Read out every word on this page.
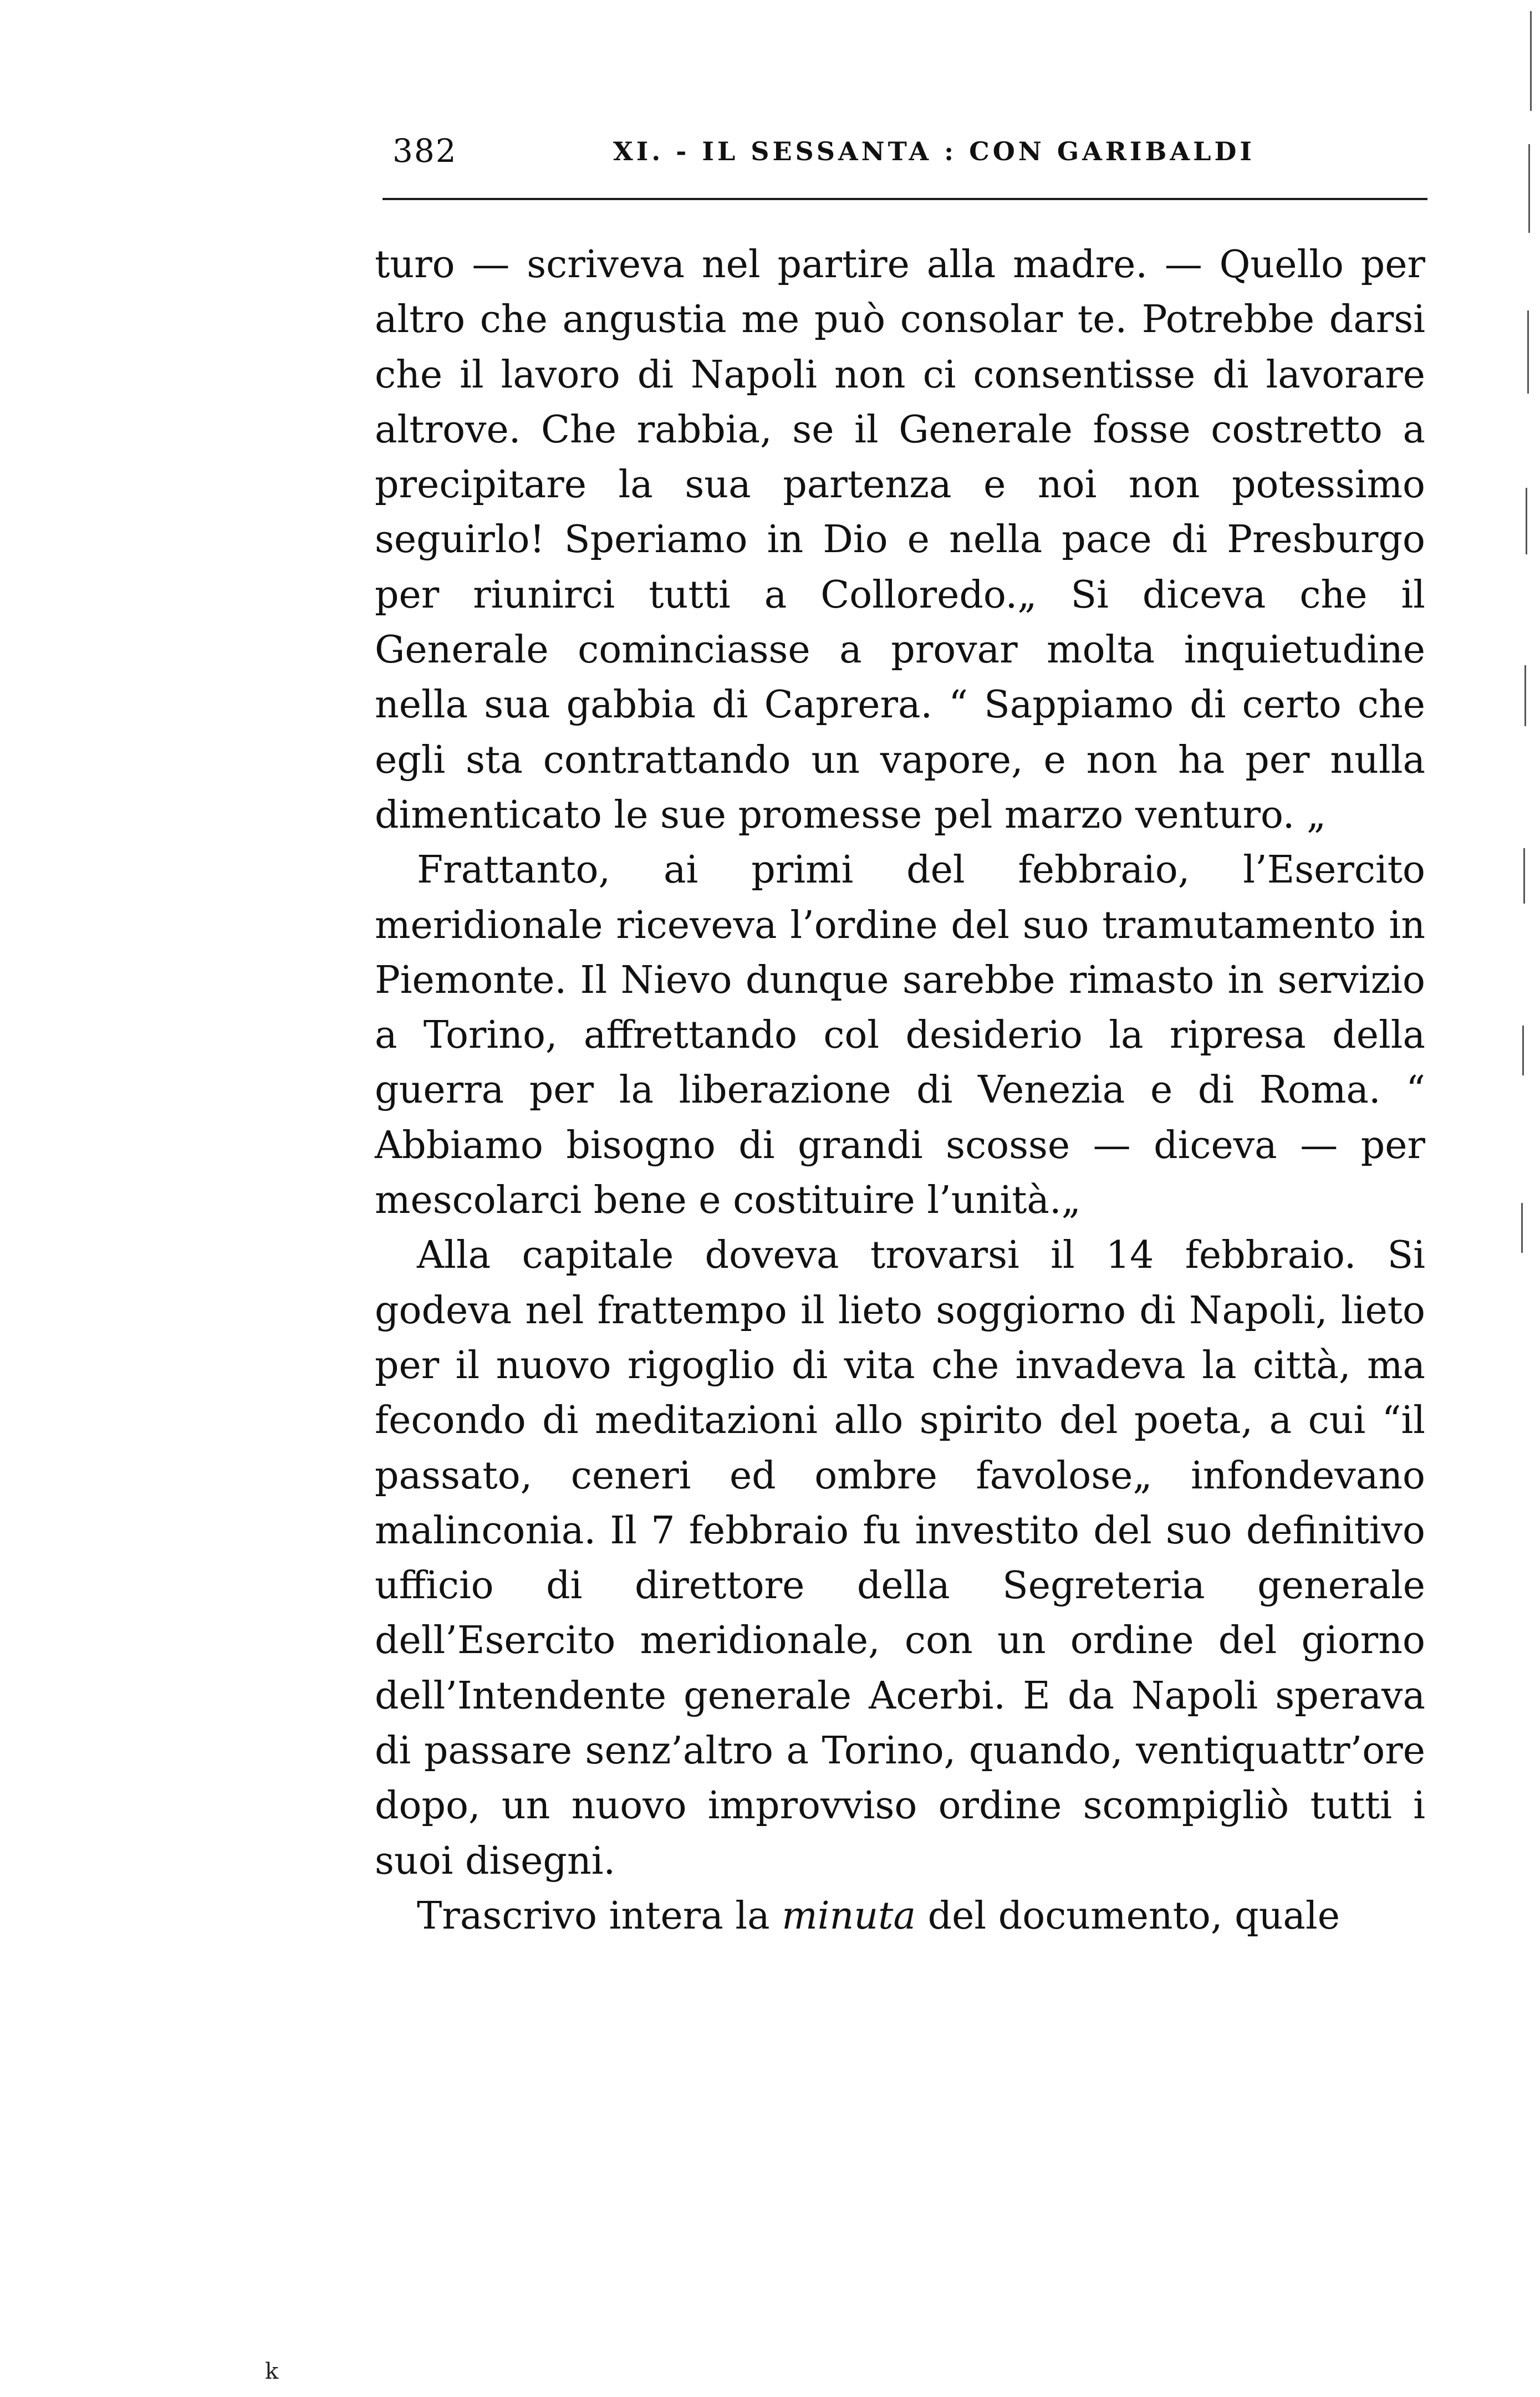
382	XI. - IL SESSANTA : CON GARIBALDI

turo — scriveva nel partire alla madre. — Quello per altro che angustia me può consolar te. Potrebbe darsi che il lavoro di Napoli non ci consentisse di lavorare altrove. Che rabbia, se il Generale fosse costretto a precipitare la sua partenza e noi non potessimo seguirlo! Speriamo in Dio e nella pace di Presburgo per riunirci tutti a Colloredo.„ Si diceva che il Generale cominciasse a provar molta inquietudine nella sua gabbia di Caprera. “ Sappiamo di certo che egli sta contrattando un vapore, e non ha per nulla dimenticato le sue promesse pel marzo venturo. „

Frattanto, ai primi del febbraio, l’Esercito meridionale riceveva l’ordine del suo tramutamento in Piemonte. Il Nievo dunque sarebbe rimasto in servizio a Torino, affrettando col desiderio la ripresa della guerra per la liberazione di Venezia e di Roma. “ Abbiamo bisogno di grandi scosse — diceva — per mescolarci bene e costituire l’unità.„

Alla capitale doveva trovarsi il 14 febbraio. Si godeva nel frattempo il lieto soggiorno di Napoli, lieto per il nuovo rigoglio di vita che invadeva la città, ma fecondo di meditazioni allo spirito del poeta, a cui “il passato, ceneri ed ombre favolose„ infondevano malinconia. Il 7 febbraio fu investito del suo definitivo ufficio di direttore della Segreteria generale dell’Esercito meridionale, con un ordine del giorno dell’Intendente generale Acerbi. E da Napoli sperava di passare senz’altro a Torino, quando, ventiquattr’ore dopo, un nuovo improvviso ordine scompigliò tutti i suoi disegni.

Trascrivo intera la minuta del documento, quale

k
